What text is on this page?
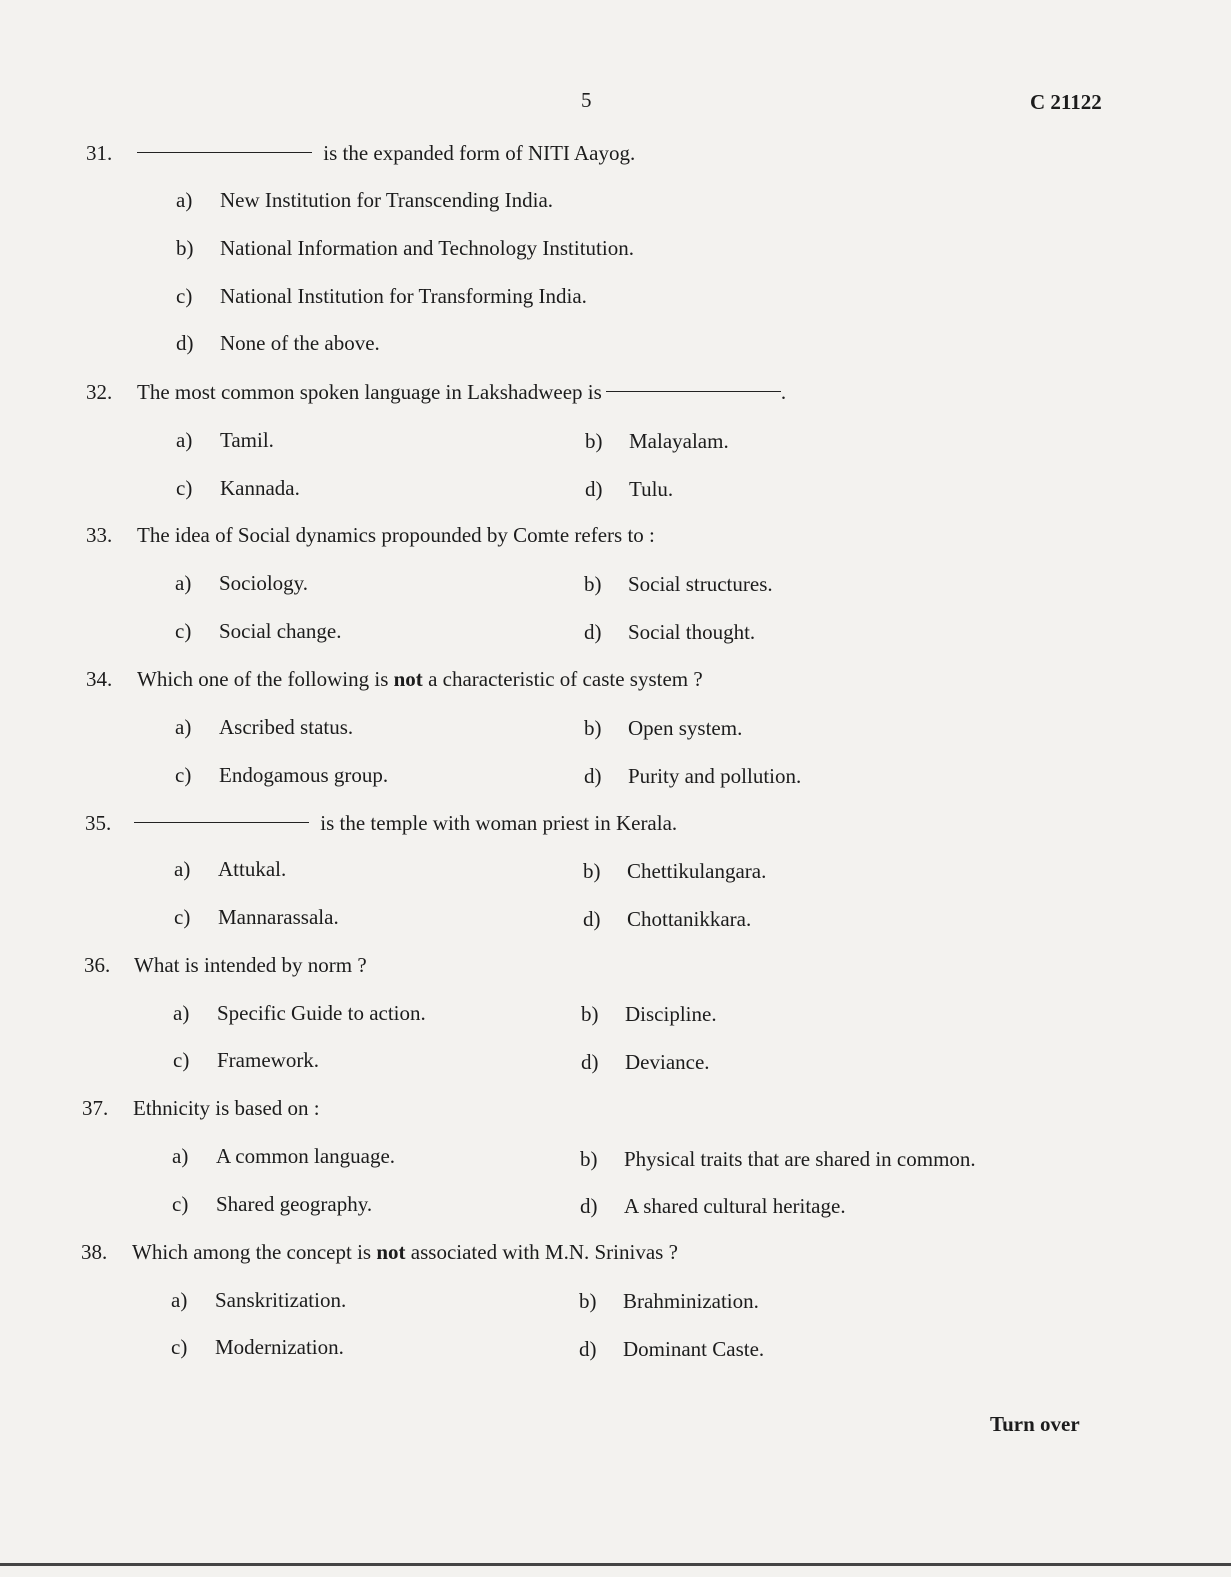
5	C 21122
31.	is the expanded form of NITI Aayog.
a) New Institution for Transcending India.
b) National Information and Technology Institution.
c) National Institution for Transforming India.
d) None of the above.
32. The most common spoken language in Lakshadweep is	.
a) Tamil.	b) Malayalam.
c) Kannada.	d) Tulu.
33. The idea of Social dynamics propounded by Comte refers to :
a) Sociology.	b) Social structures.
c) Social change.	d) Social thought.
34. Which one of the following is not a characteristic of caste system ?
a) Ascribed status.	b) Open system.
c) Endogamous group.	d) Purity and pollution.
35.	is the temple with woman priest in Kerala.
a) Attukal.	b) Chettikulangara.
c) Mannarassala.	d) Chottanikkara.
36. What is intended by norm ?
a) Specific Guide to action.	b) Discipline.
c) Framework.	d) Deviance.
37. Ethnicity is based on :
a) A common language.	b) Physical traits that are shared in common.
c) Shared geography.	d) A shared cultural heritage.
38. Which among the concept is not associated with M.N. Srinivas ?
a) Sanskritization.	b) Brahminization.
c) Modernization.	d) Dominant Caste.
Turn over
